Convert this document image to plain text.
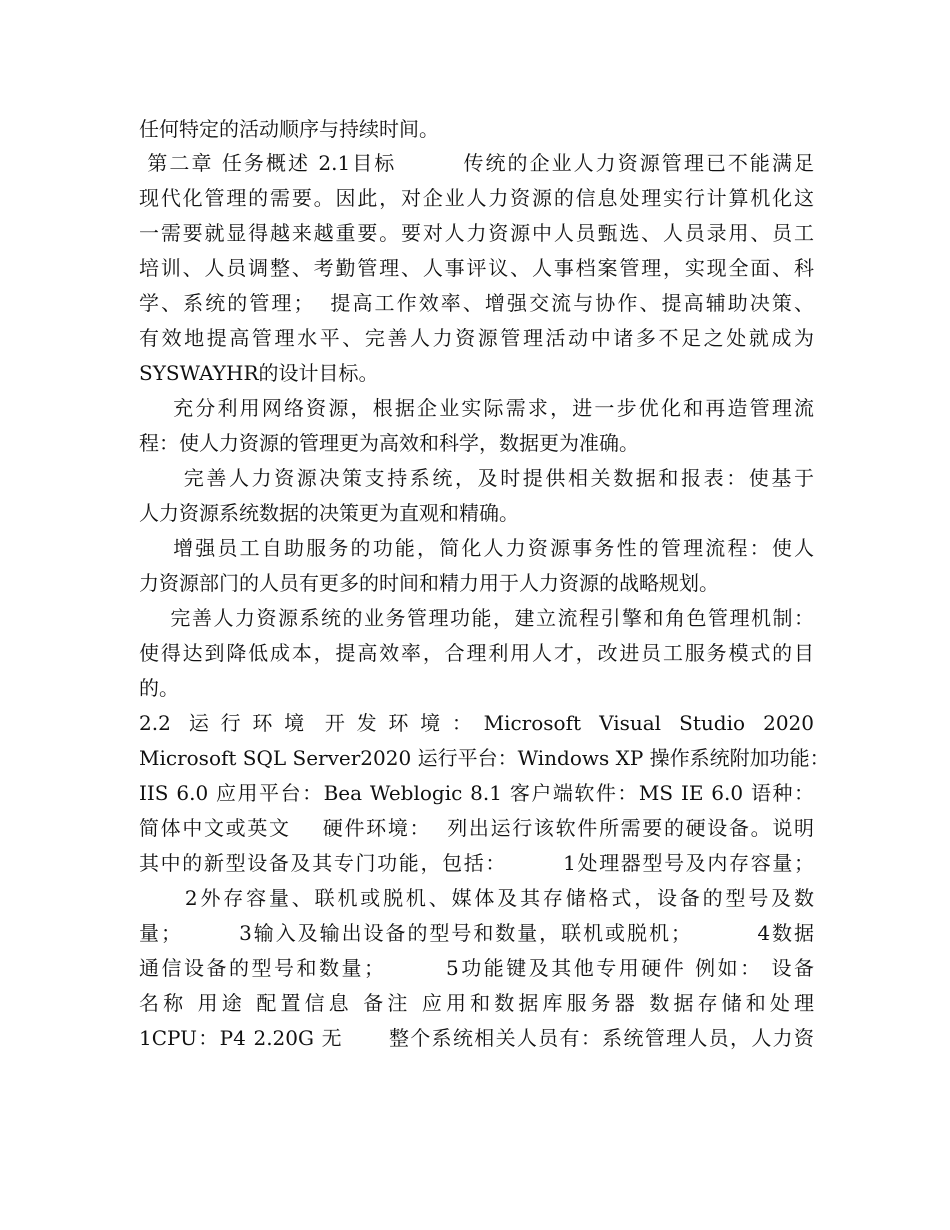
任何特定的活动顺序与持续时间。
第二章 任务概述 2.1目标        传统的企业人力资源管理已不能满足
现代化管理的需要。因此，对企业人力资源的信息处理实行计算机化这
一需要就显得越来越重要。要对人力资源中人员甄选、人员录用、员工
培训、人员调整、考勤管理、人事评议、人事档案管理，实现全面、科
学、系统的管理；  提高工作效率、增强交流与协作、提高辅助决策、
有效地提高管理水平、完善人力资源管理活动中诸多不足之处就成为
SYSWAYHR的设计目标。
充分利用网络资源，根据企业实际需求，进一步优化和再造管理流
程：使人力资源的管理更为高效和科学，数据更为准确。
完善人力资源决策支持系统，及时提供相关数据和报表：使基于
人力资源系统数据的决策更为直观和精确。
增强员工自助服务的功能，简化人力资源事务性的管理流程：使人
力资源部门的人员有更多的时间和精力用于人力资源的战略规划。
完善人力资源系统的业务管理功能，建立流程引擎和角色管理机制：
使得达到降低成本，提高效率，合理利用人才，改进员工服务模式的目
的。
2.2  运 行 环 境  开 发 环 境 ： Microsoft  Visual  Studio  2020
Microsoft SQL Server2020 运行平台：Windows XP 操作系统附加功能：
IIS 6.0 应用平台：Bea Weblogic 8.1 客户端软件：MS IE 6.0 语种：
简体中文或英文    硬件环境：  列出运行该软件所需要的硬设备。说明
其中的新型设备及其专门功能，包括：       1处理器型号及内存容量；
2外存容量、联机或脱机、媒体及其存储格式，设备的型号及数
量；       3输入及输出设备的型号和数量，联机或脱机；        4数据
通信设备的型号和数量；       5功能键及其他专用硬件 例如： 设备
名称 用途 配置信息 备注 应用和数据库服务器 数据存储和处理
1CPU：P4 2.20G 无      整个系统相关人员有：系统管理人员，人力资
